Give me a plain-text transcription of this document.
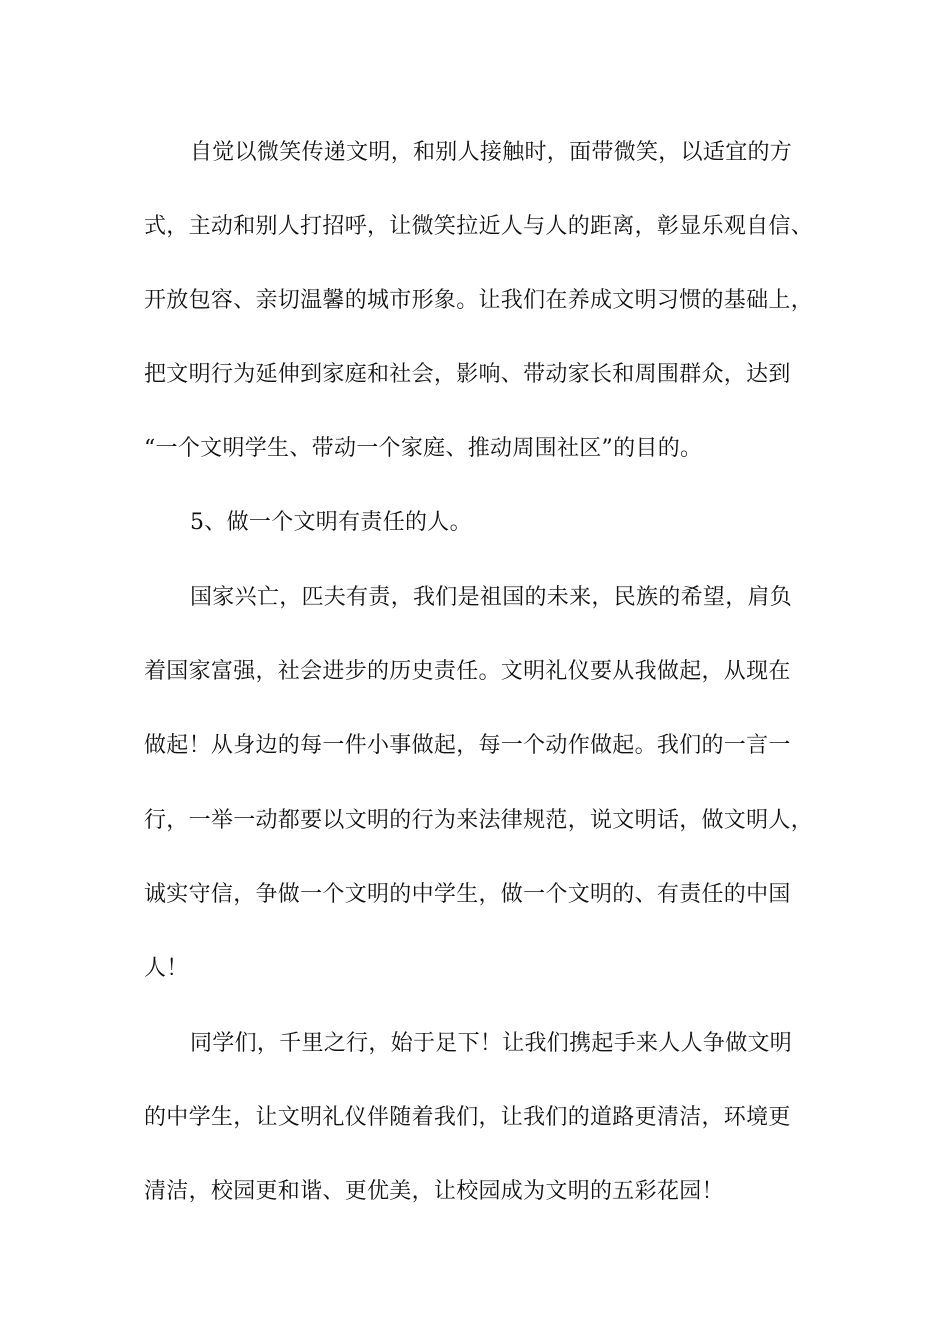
自觉以微笑传递文明，和别人接触时，面带微笑，以适宜的方
式，主动和别人打招呼，让微笑拉近人与人的距离，彰显乐观自信、
开放包容、亲切温馨的城市形象。让我们在养成文明习惯的基础上，
把文明行为延伸到家庭和社会，影响、带动家长和周围群众，达到
“一个文明学生、带动一个家庭、推动周围社区”的目的。
5、做一个文明有责任的人。
国家兴亡，匹夫有责，我们是祖国的未来，民族的希望，肩负
着国家富强，社会进步的历史责任。文明礼仪要从我做起，从现在
做起！从身边的每一件小事做起，每一个动作做起。我们的一言一
行，一举一动都要以文明的行为来法律规范，说文明话，做文明人，
诚实守信，争做一个文明的中学生，做一个文明的、有责任的中国
人！
同学们，千里之行，始于足下！让我们携起手来人人争做文明
的中学生，让文明礼仪伴随着我们，让我们的道路更清洁，环境更
清洁，校园更和谐、更优美，让校园成为文明的五彩花园！
